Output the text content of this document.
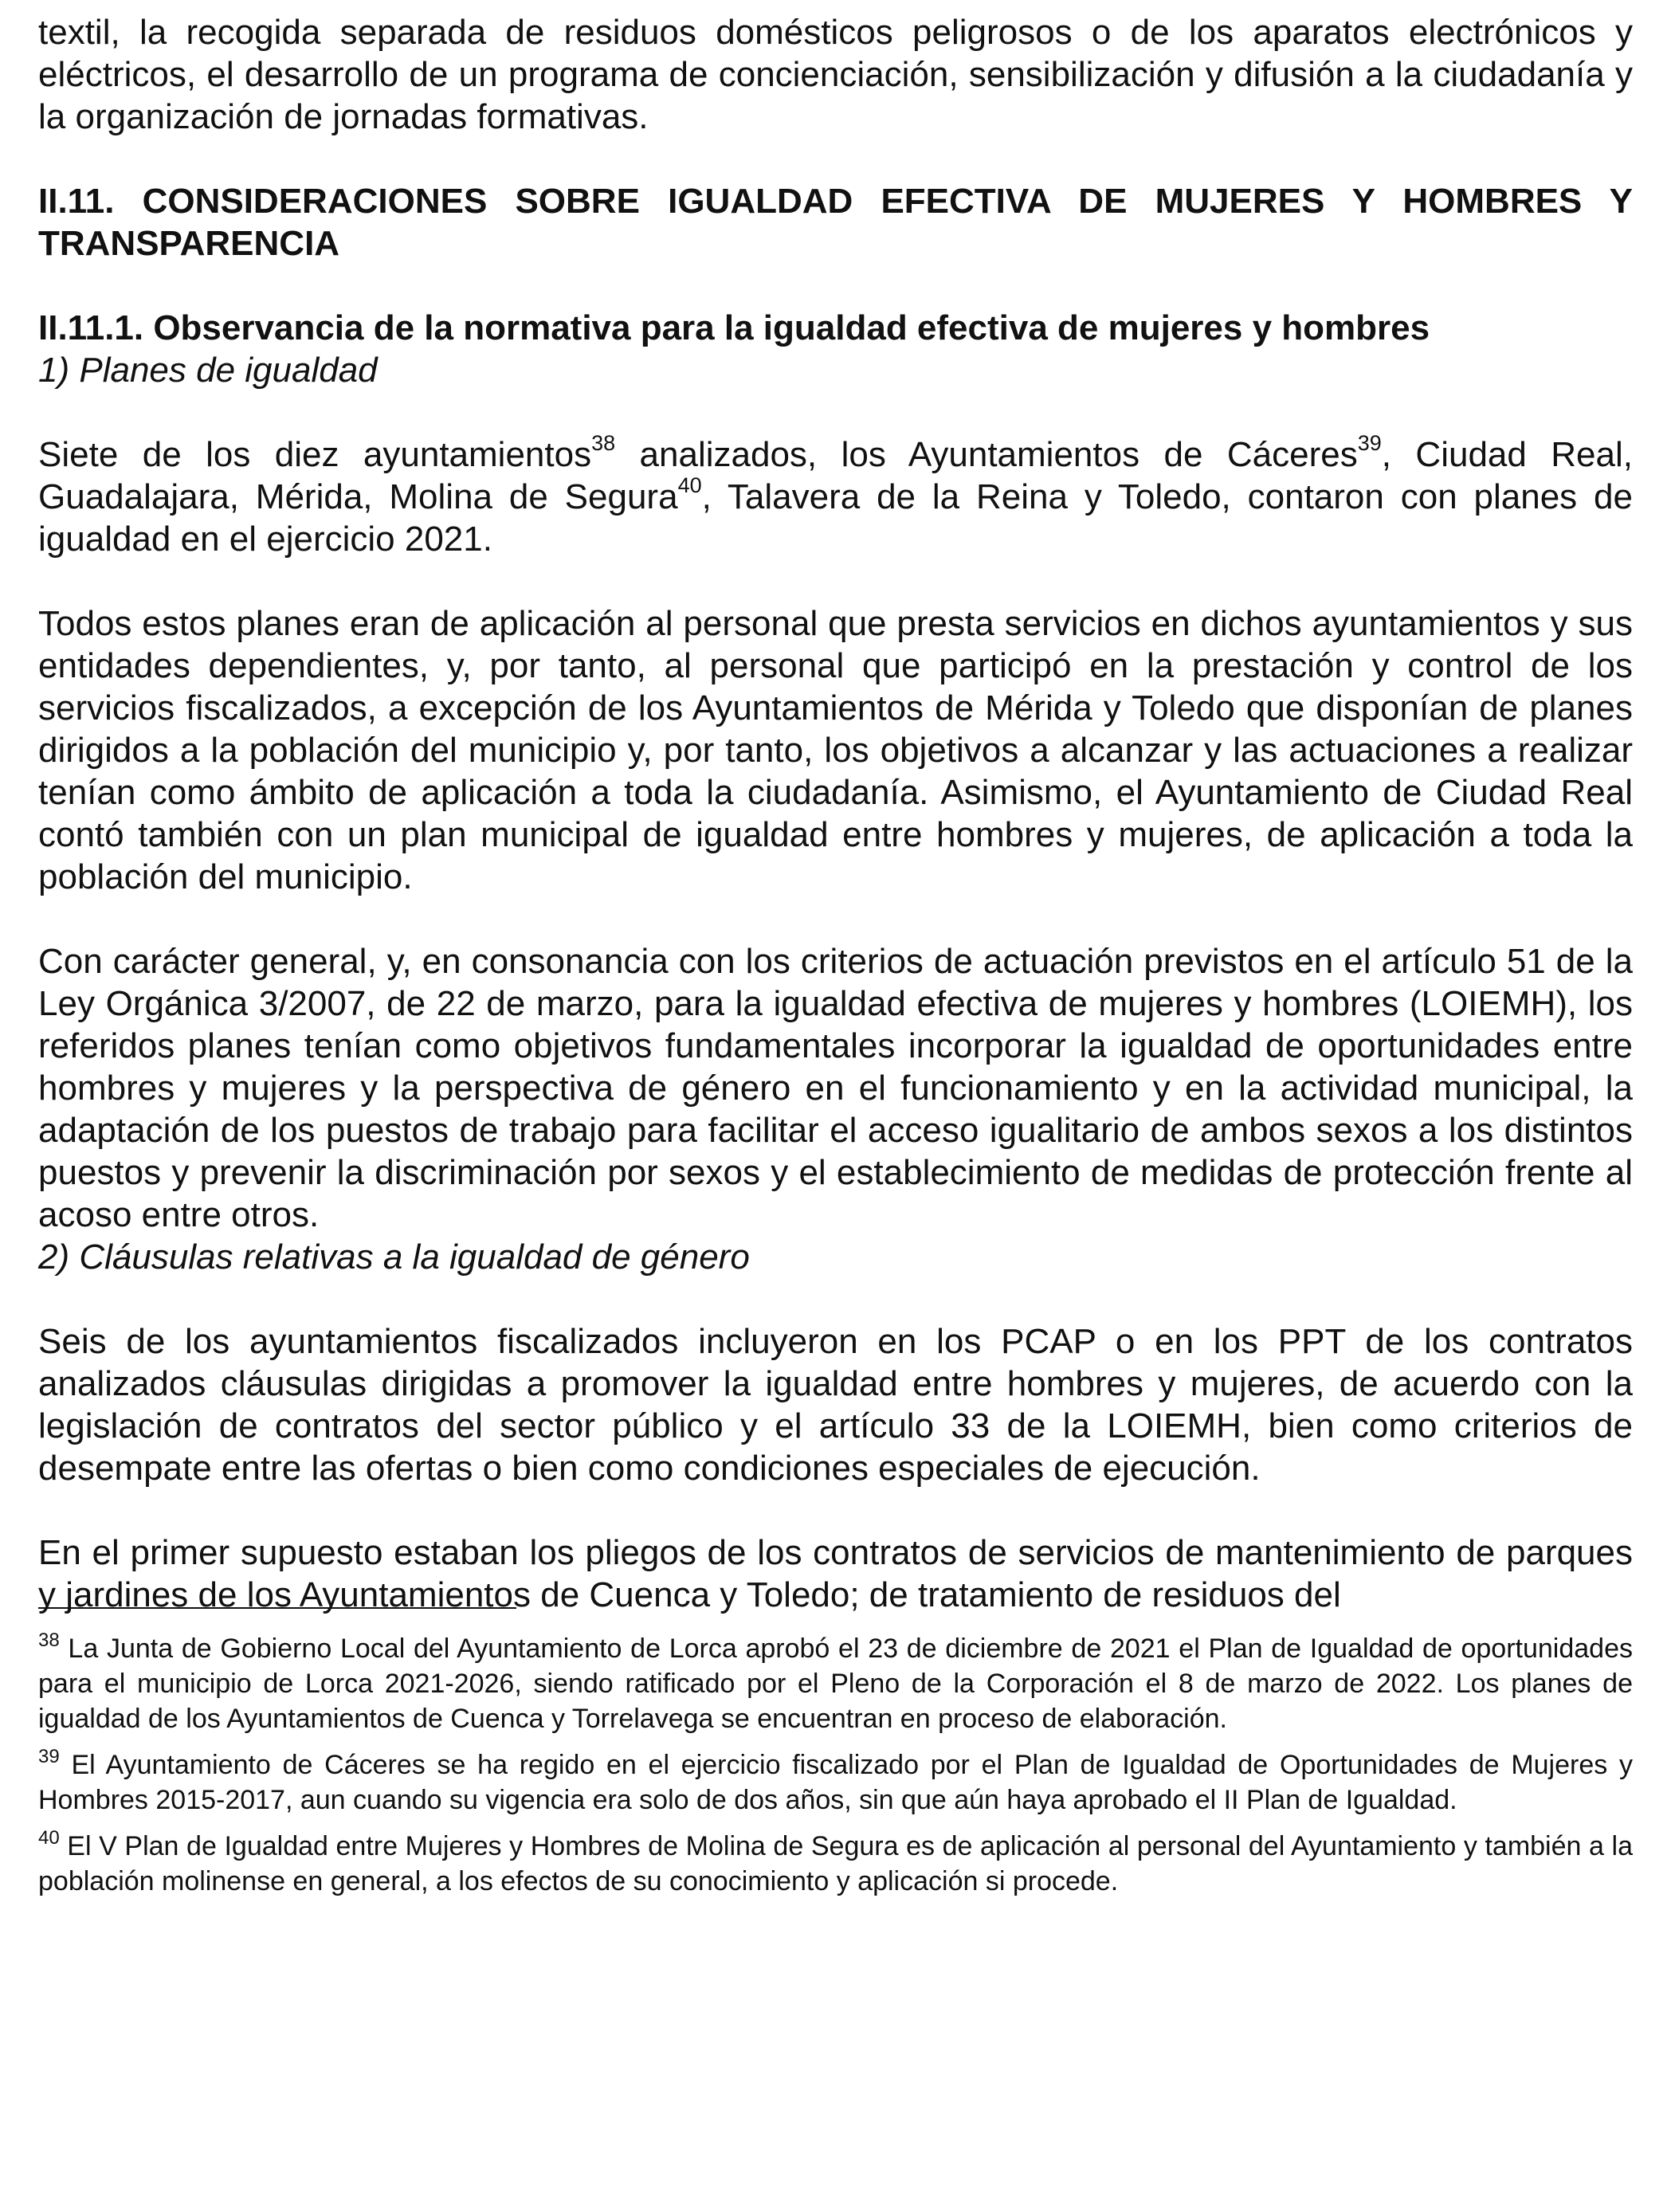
textil, la recogida separada de residuos domésticos peligrosos o de los aparatos electrónicos y eléctricos, el desarrollo de un programa de concienciación, sensibilización y difusión a la ciudadanía y la organización de jornadas formativas.

II.11. CONSIDERACIONES SOBRE IGUALDAD EFECTIVA DE MUJERES Y HOMBRES Y TRANSPARENCIA
II.11.1. Observancia de la normativa para la igualdad efectiva de mujeres y hombres

1) Planes de igualdad

Siete de los diez ayuntamientos$^{38}$ analizados, los Ayuntamientos de Cáceres$^{39}$, Ciudad Real, Guadalajara, Mérida, Molina de Segura$^{40}$, Talavera de la Reina y Toledo, contaron con planes de igualdad en el ejercicio 2021.

Todos estos planes eran de aplicación al personal que presta servicios en dichos ayuntamientos y sus entidades dependientes, y, por tanto, al personal que participó en la prestación y control de los servicios fiscalizados, a excepción de los Ayuntamientos de Mérida y Toledo que disponían de planes dirigidos a la población del municipio y, por tanto, los objetivos a alcanzar y las actuaciones a realizar tenían como ámbito de aplicación a toda la ciudadanía. Asimismo, el Ayuntamiento de Ciudad Real contó también con un plan municipal de igualdad entre hombres y mujeres, de aplicación a toda la población del municipio.

Con carácter general, y, en consonancia con los criterios de actuación previstos en el artículo 51 de la Ley Orgánica 3/2007, de 22 de marzo, para la igualdad efectiva de mujeres y hombres (LOIEMH), los referidos planes tenían como objetivos fundamentales incorporar la igualdad de oportunidades entre hombres y mujeres y la perspectiva de género en el funcionamiento y en la actividad municipal, la adaptación de los puestos de trabajo para facilitar el acceso igualitario de ambos sexos a los distintos puestos y prevenir la discriminación por sexos y el establecimiento de medidas de protección frente al acoso entre otros.

2) Cláusulas relativas a la igualdad de género

Seis de los ayuntamientos fiscalizados incluyeron en los PCAP o en los PPT de los contratos analizados cláusulas dirigidas a promover la igualdad entre hombres y mujeres, de acuerdo con la legislación de contratos del sector público y el artículo 33 de la LOIEMH, bien como criterios de desempate entre las ofertas o bien como condiciones especiales de ejecución.

En el primer supuesto estaban los pliegos de los contratos de servicios de mantenimiento de parques y jardines de los Ayuntamientos de Cuenca y Toledo; de tratamiento de residuos del

$^{38}$ La Junta de Gobierno Local del Ayuntamiento de Lorca aprobó el 23 de diciembre de 2021 el Plan de Igualdad de oportunidades para el municipio de Lorca 2021-2026, siendo ratificado por el Pleno de la Corporación el 8 de marzo de 2022. Los planes de igualdad de los Ayuntamientos de Cuenca y Torrelavega se encuentran en proceso de elaboración.

$^{39}$ El Ayuntamiento de Cáceres se ha regido en el ejercicio fiscalizado por el Plan de Igualdad de Oportunidades de Mujeres y Hombres 2015-2017, aun cuando su vigencia era solo de dos años, sin que aún haya aprobado el II Plan de Igualdad.

$^{40}$ El V Plan de Igualdad entre Mujeres y Hombres de Molina de Segura es de aplicación al personal del Ayuntamiento y también a la población molinense en general, a los efectos de su conocimiento y aplicación si procede.
